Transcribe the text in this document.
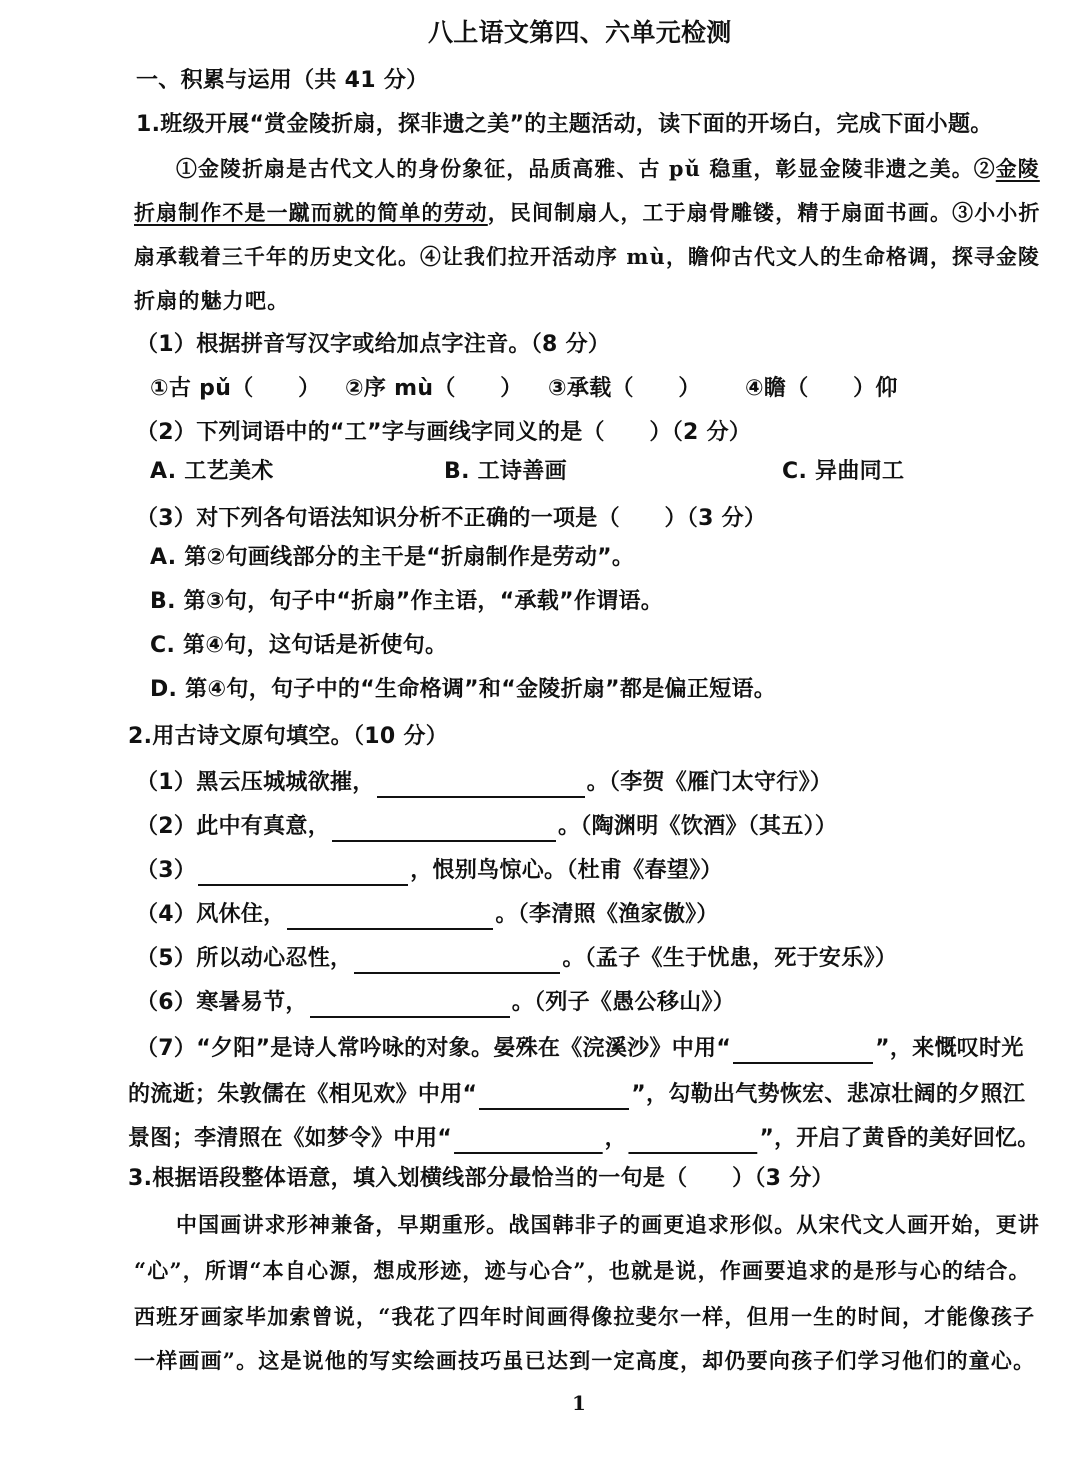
八上语文第四、六单元检测
一、积累与运用（共 41 分）
1.班级开展“赏金陵折扇，探非遗之美”的主题活动，读下面的开场白，完成下面小题。
①金陵折扇是古代文人的身份象征，品质高雅、古 pǔ 稳重，彰显金陵非遗之美。②金陵
折扇制作不是一蹴而就的简单的劳动，民间制扇人，工于扇骨雕镂，精于扇面书画。③小小折
扇承载着三千年的历史文化。④让我们拉开活动序 mù，瞻仰古代文人的生命格调，探寻金陵
折扇的魅力吧。
（1）根据拼音写汉字或给加点字注音。（8 分）
①古 pǔ（　　） ②序 mù（　　） ③承载（　　） ④瞻（　　）仰
（2）下列词语中的“工”字与画线字同义的是（　　）（2 分）
A. 工艺美术	B. 工诗善画	C. 异曲同工
（3）对下列各句语法知识分析不正确的一项是（　　）（3 分）
A. 第②句画线部分的主干是“折扇制作是劳动”。
B. 第③句，句子中“折扇”作主语，“承载”作谓语。
C. 第④句，这句话是祈使句。
D. 第④句，句子中的“生命格调”和“金陵折扇”都是偏正短语。
2.用古诗文原句填空。（10 分）
（1）黑云压城城欲摧，	。（李贺《雁门太守行》）
（2）此中有真意，	。（陶渊明《饮酒》（其五））
（3）	，恨别鸟惊心。（杜甫《春望》）
（4）风休住，	。（李清照《渔家傲》）
（5）所以动心忍性，	。（孟子《生于忧患，死于安乐》）
（6）寒暑易节，	。（列子《愚公移山》）
（7）“夕阳”是诗人常吟咏的对象。晏殊在《浣溪沙》中用“	”，来慨叹时光
的流逝；朱敦儒在《相见欢》中用“	”，勾勒出气势恢宏、悲凉壮阔的夕照江
景图；李清照在《如梦令》中用“	，	”，开启了黄昏的美好回忆。
3.根据语段整体语意，填入划横线部分最恰当的一句是（　　）（3 分）
中国画讲求形神兼备，早期重形。战国韩非子的画更追求形似。从宋代文人画开始，更讲
“心”，所谓“本自心源，想成形迹，迹与心合”，也就是说，作画要追求的是形与心的结合。
西班牙画家毕加索曾说，“我花了四年时间画得像拉斐尔一样，但用一生的时间，才能像孩子
一样画画”。这是说他的写实绘画技巧虽已达到一定高度，却仍要向孩子们学习他们的童心。
1
